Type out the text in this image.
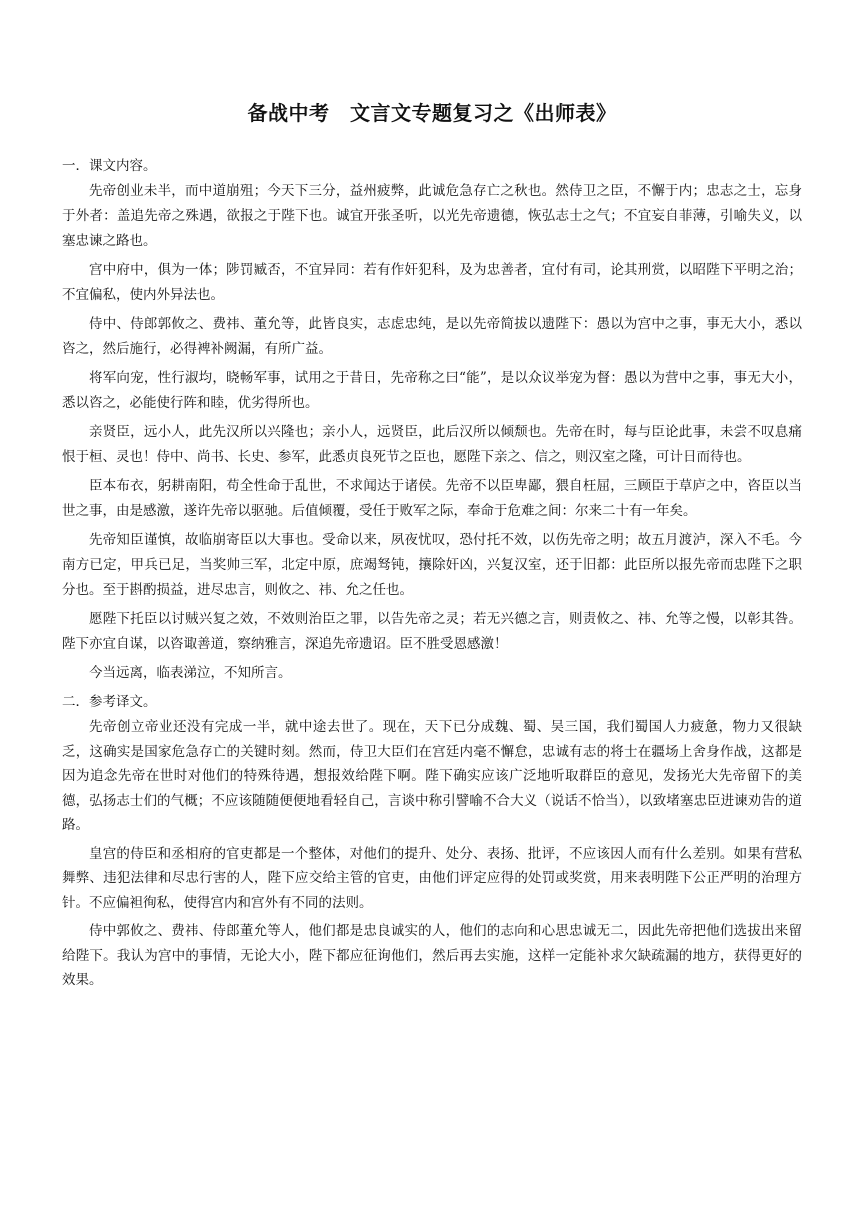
备战中考　文言文专题复习之《出师表》

一．课文内容。

先帝创业未半，而中道崩殂；今天下三分，益州疲弊，此诚危急存亡之秋也。然侍卫之臣，不懈于内；忠志之士，忘身于外者：盖追先帝之殊遇，欲报之于陛下也。诚宜开张圣听，以光先帝遗德，恢弘志士之气；不宜妄自菲薄，引喻失义，以塞忠谏之路也。

宫中府中，俱为一体；陟罚臧否，不宜异同：若有作奸犯科，及为忠善者，宜付有司，论其刑赏，以昭陛下平明之治；不宜偏私，使内外异法也。

侍中、侍郎郭攸之、费祎、董允等，此皆良实，志虑忠纯，是以先帝简拔以遗陛下：愚以为宫中之事，事无大小，悉以咨之，然后施行，必得裨补阙漏，有所广益。

将军向宠，性行淑均，晓畅军事，试用之于昔日，先帝称之曰“能”，是以众议举宠为督：愚以为营中之事，事无大小，悉以咨之，必能使行阵和睦，优劣得所也。

亲贤臣，远小人，此先汉所以兴隆也；亲小人，远贤臣，此后汉所以倾颓也。先帝在时，每与臣论此事，未尝不叹息痛恨于桓、灵也！侍中、尚书、长史、参军，此悉贞良死节之臣也，愿陛下亲之、信之，则汉室之隆，可计日而待也。

臣本布衣，躬耕南阳，苟全性命于乱世，不求闻达于诸侯。先帝不以臣卑鄙，猥自枉屈，三顾臣于草庐之中，咨臣以当世之事，由是感激，遂许先帝以驱驰。后值倾覆，受任于败军之际，奉命于危难之间：尔来二十有一年矣。

先帝知臣谨慎，故临崩寄臣以大事也。受命以来，夙夜忧叹，恐付托不效，以伤先帝之明；故五月渡泸，深入不毛。今南方已定，甲兵已足，当奖帅三军，北定中原，庶竭驽钝，攘除奸凶，兴复汉室，还于旧都：此臣所以报先帝而忠陛下之职分也。至于斟酌损益，进尽忠言，则攸之、祎、允之任也。

愿陛下托臣以讨贼兴复之效，不效则治臣之罪，以告先帝之灵；若无兴德之言，则责攸之、祎、允等之慢，以彰其咎。陛下亦宜自谋，以咨诹善道，察纳雅言，深追先帝遗诏。臣不胜受恩感激！

今当远离，临表涕泣，不知所言。

二．参考译文。

先帝创立帝业还没有完成一半，就中途去世了。现在，天下已分成魏、蜀、吴三国，我们蜀国人力疲惫，物力又很缺乏，这确实是国家危急存亡的关键时刻。然而，侍卫大臣们在宫廷内毫不懈怠，忠诚有志的将士在疆场上舍身作战，这都是因为追念先帝在世时对他们的特殊待遇，想报效给陛下啊。陛下确实应该广泛地听取群臣的意见，发扬光大先帝留下的美德，弘扬志士们的气概；不应该随随便便地看轻自己，言谈中称引譬喻不合大义（说话不恰当），以致堵塞忠臣进谏劝告的道路。

皇宫的侍臣和丞相府的官吏都是一个整体，对他们的提升、处分、表扬、批评，不应该因人而有什么差别。如果有营私舞弊、违犯法律和尽忠行害的人，陛下应交给主管的官吏，由他们评定应得的处罚或奖赏，用来表明陛下公正严明的治理方针。不应偏袒徇私，使得宫内和宫外有不同的法则。

侍中郭攸之、费祎、侍郎董允等人，他们都是忠良诚实的人，他们的志向和心思忠诚无二，因此先帝把他们选拔出来留给陛下。我认为宫中的事情，无论大小，陛下都应征询他们，然后再去实施，这样一定能补求欠缺疏漏的地方，获得更好的效果。
